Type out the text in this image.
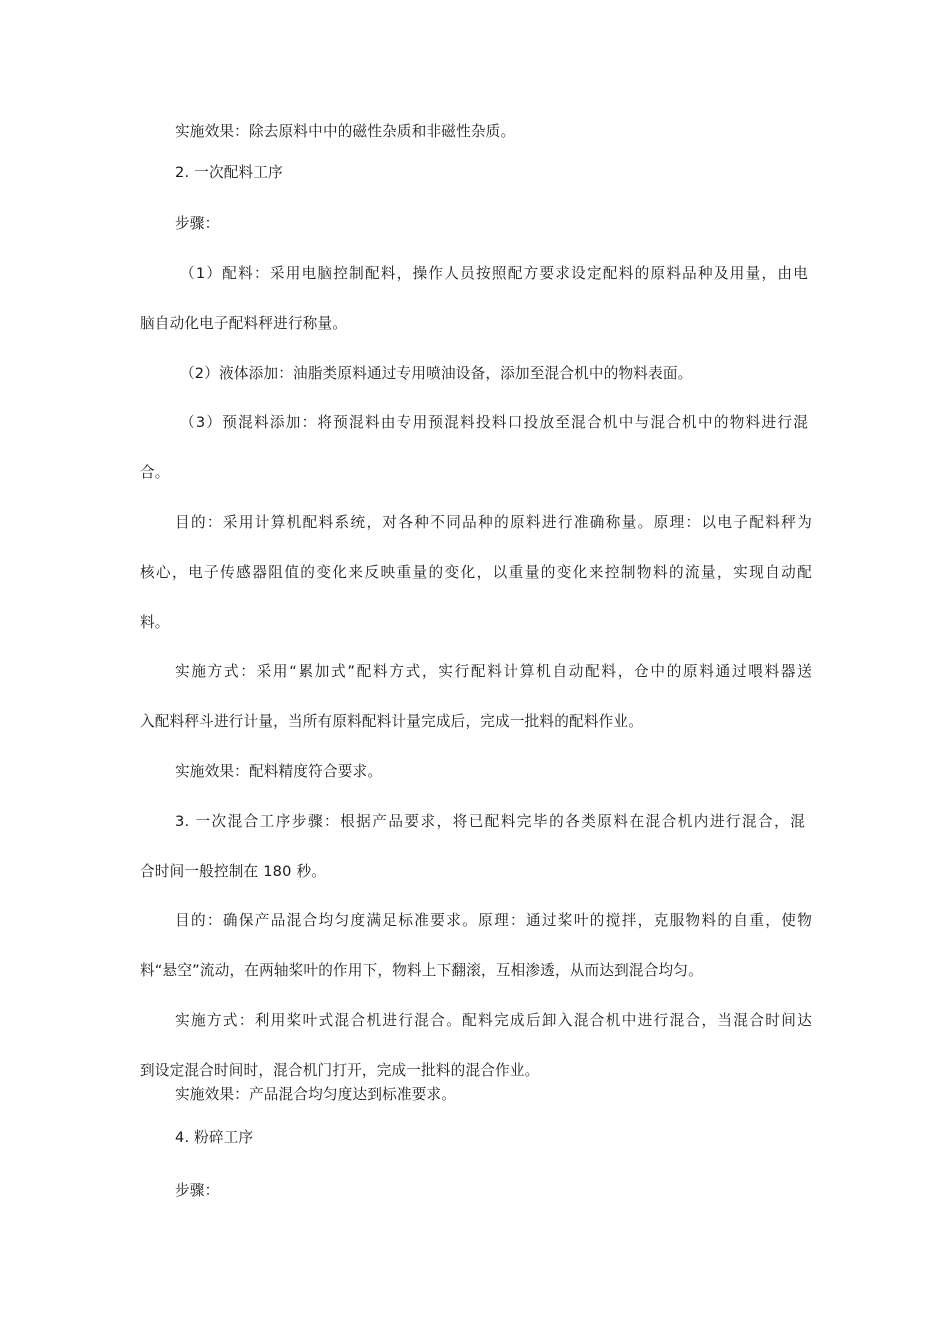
实施效果：除去原料中中的磁性杂质和非磁性杂质。
2. 一次配料工序
步骤：
（1）配料：采用电脑控制配料，操作人员按照配方要求设定配料的原料品种及用量，由电
脑自动化电子配料秤进行称量。
（2）液体添加：油脂类原料通过专用喷油设备，添加至混合机中的物料表面。
（3）预混料添加：将预混料由专用预混料投料口投放至混合机中与混合机中的物料进行混
合。
目的：采用计算机配料系统，对各种不同品种的原料进行准确称量。原理：以电子配料秤为
核心，电子传感器阻值的变化来反映重量的变化，以重量的变化来控制物料的流量，实现自动配
料。
实施方式：采用“累加式”配料方式，实行配料计算机自动配料，仓中的原料通过喂料器送
入配料秤斗进行计量，当所有原料配料计量完成后，完成一批料的配料作业。
实施效果：配料精度符合要求。
3. 一次混合工序步骤：根据产品要求，将已配料完毕的各类原料在混合机内进行混合，混
合时间一般控制在 180 秒。
目的：确保产品混合均匀度满足标准要求。原理：通过桨叶的搅拌，克服物料的自重，使物
料“悬空”流动，在两轴桨叶的作用下，物料上下翻滚，互相渗透，从而达到混合均匀。
实施方式：利用桨叶式混合机进行混合。配料完成后卸入混合机中进行混合，当混合时间达
到设定混合时间时，混合机门打开，完成一批料的混合作业。
实施效果：产品混合均匀度达到标准要求。
4. 粉碎工序
步骤：
